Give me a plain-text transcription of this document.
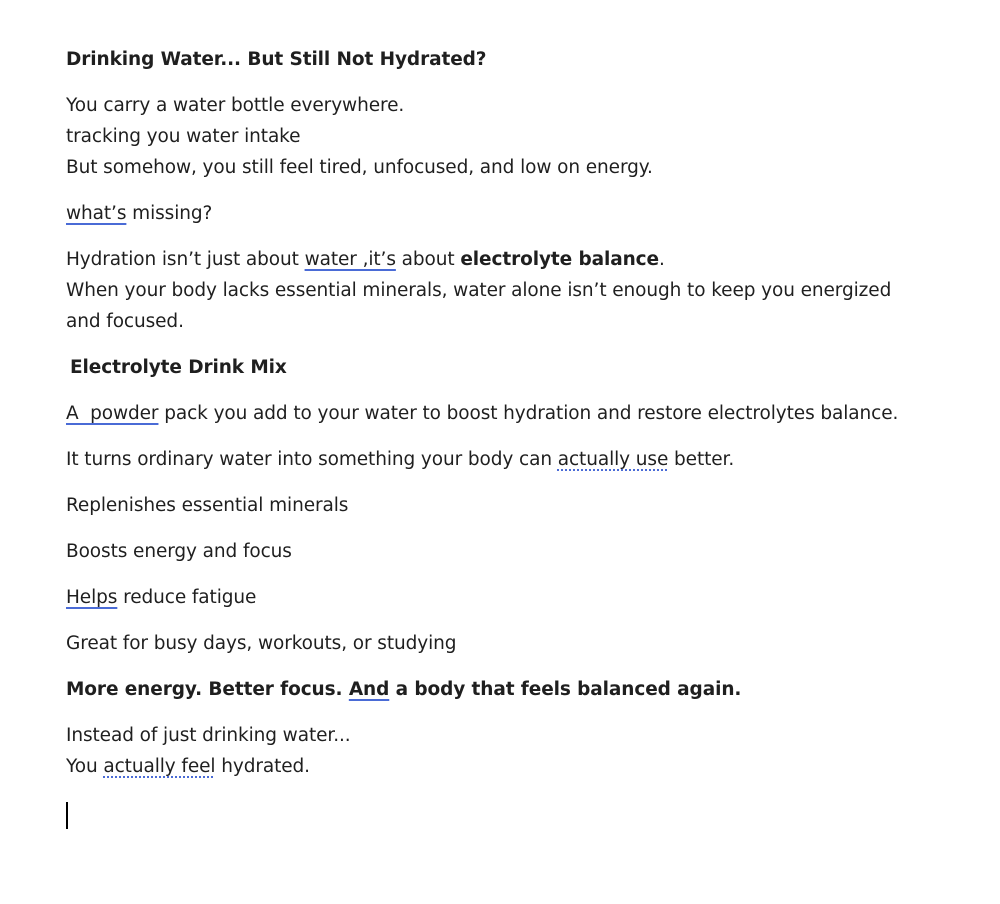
Drinking Water... But Still Not Hydrated?

You carry a water bottle everywhere.
tracking you water intake
But somehow, you still feel tired, unfocused, and low on energy.

what’s missing?

Hydration isn’t just about water ,it’s about electrolyte balance.
When your body lacks essential minerals, water alone isn’t enough to keep you energized and focused.

Electrolyte Drink Mix

A  powder pack you add to your water to boost hydration and restore electrolytes balance.

It turns ordinary water into something your body can actually use better.

Replenishes essential minerals

Boosts energy and focus

Helps reduce fatigue

Great for busy days, workouts, or studying

More energy. Better focus. And a body that feels balanced again.

Instead of just drinking water...
You actually feel hydrated.
